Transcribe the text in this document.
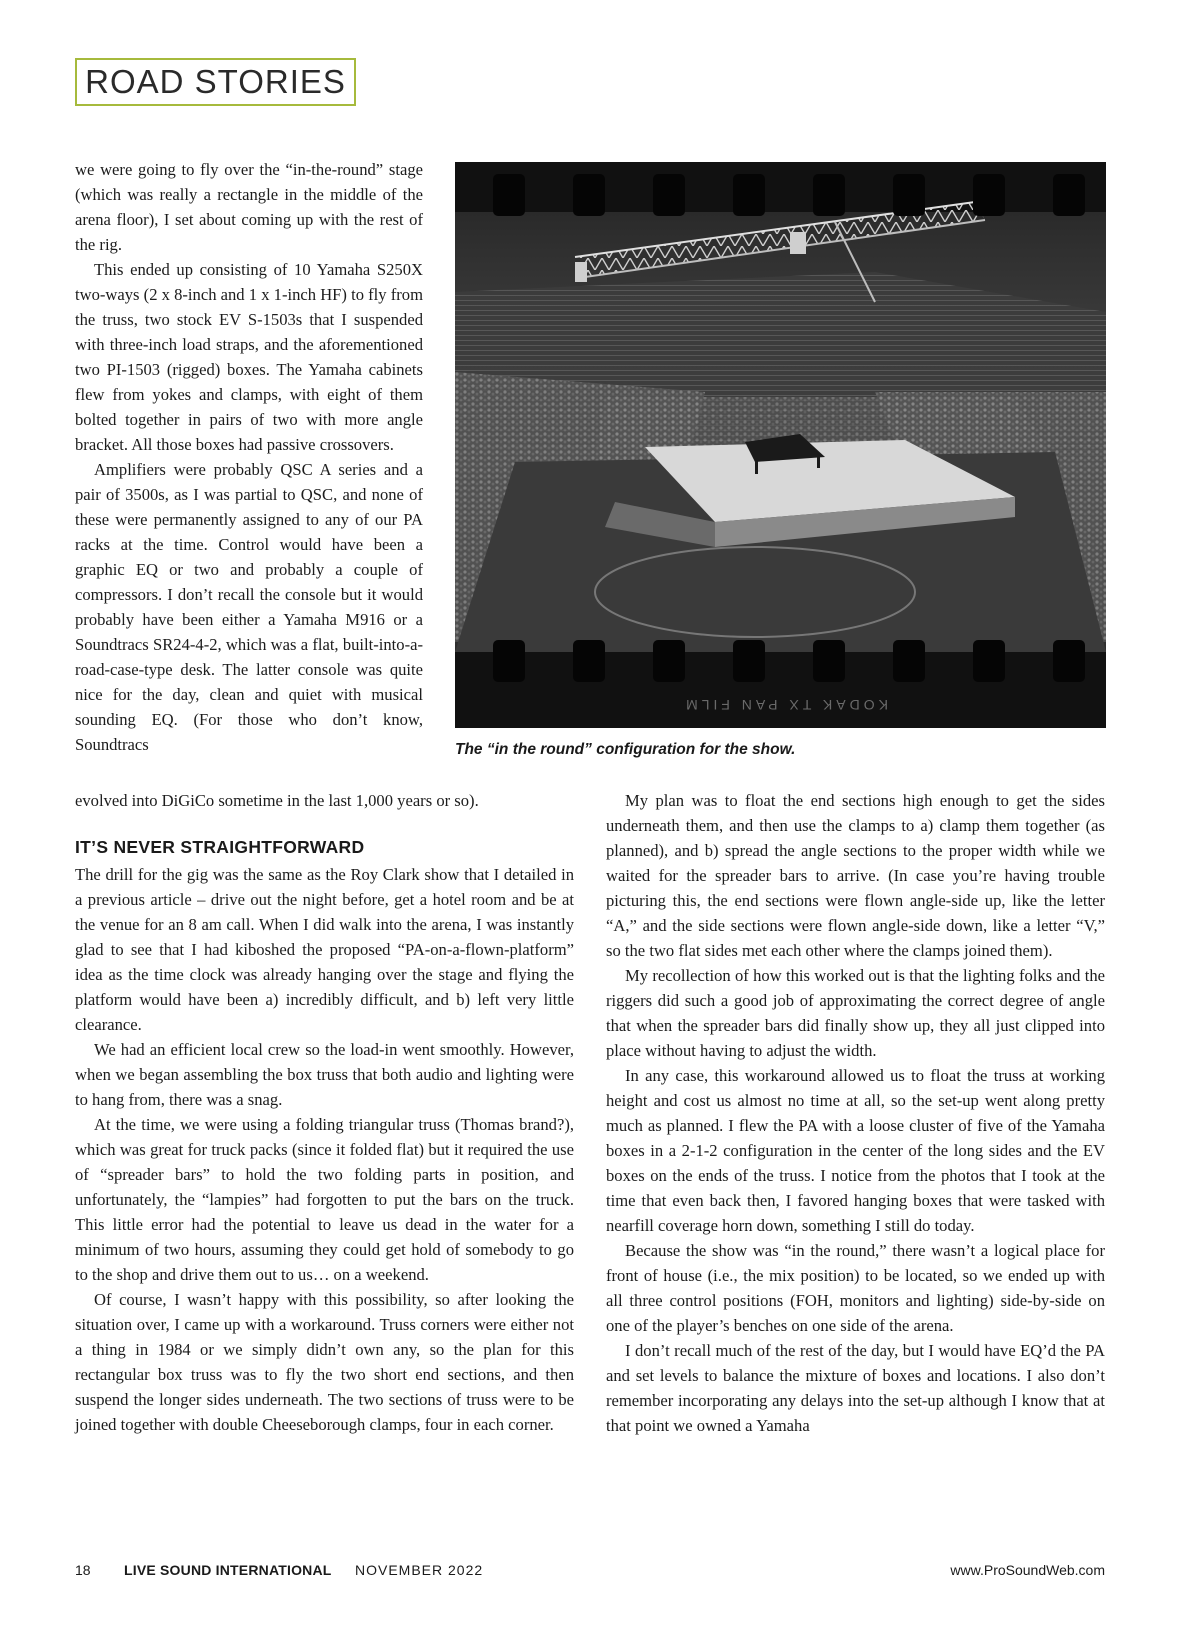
ROAD STORIES

we were going to fly over the “in-the-round” stage (which was really a rectangle in the middle of the arena floor), I set about coming up with the rest of the rig.

This ended up consisting of 10 Yamaha S250X two-ways (2 x 8-inch and 1 x 1-inch HF) to fly from the truss, two stock EV S-1503s that I suspended with three-inch load straps, and the aforementioned two PI-1503 (rigged) boxes. The Yamaha cabinets flew from yokes and clamps, with eight of them bolted together in pairs of two with more angle bracket. All those boxes had passive crossovers.

Amplifiers were probably QSC A series and a pair of 3500s, as I was partial to QSC, and none of these were permanently assigned to any of our PA racks at the time. Control would have been a graphic EQ or two and probably a couple of compressors. I don’t recall the console but it would probably have been either a Yamaha M916 or a Soundtracs SR24-4-2, which was a flat, built-into-a-road-case-type desk. The latter console was quite nice for the day, clean and quiet with musical sounding EQ. (For those who don’t know, Soundtracs

evolved into DiGiCo sometime in the last 1,000 years or so).
KODAK TX PAN FILM
The “in the round” configuration for the show.
IT’S NEVER STRAIGHTFORWARD

The drill for the gig was the same as the Roy Clark show that I detailed in a previous article – drive out the night before, get a hotel room and be at the venue for an 8 am call. When I did walk into the arena, I was instantly glad to see that I had kiboshed the proposed “PA-on-a-flown-platform” idea as the time clock was already hanging over the stage and flying the platform would have been a) incredibly difficult, and b) left very little clearance.

We had an efficient local crew so the load-in went smoothly. However, when we began assembling the box truss that both audio and lighting were to hang from, there was a snag.

At the time, we were using a folding triangular truss (Thomas brand?), which was great for truck packs (since it folded flat) but it required the use of “spreader bars” to hold the two folding parts in position, and unfortunately, the “lampies” had forgotten to put the bars on the truck. This little error had the potential to leave us dead in the water for a minimum of two hours, assuming they could get hold of somebody to go to the shop and drive them out to us… on a weekend.

Of course, I wasn’t happy with this possibility, so after looking the situation over, I came up with a workaround. Truss corners were either not a thing in 1984 or we simply didn’t own any, so the plan for this rectangular box truss was to fly the two short end sections, and then suspend the longer sides underneath. The two sections of truss were to be joined together with double Cheeseborough clamps, four in each corner.

My plan was to float the end sections high enough to get the sides underneath them, and then use the clamps to a) clamp them together (as planned), and b) spread the angle sections to the proper width while we waited for the spreader bars to arrive. (In case you’re having trouble picturing this, the end sections were flown angle-side up, like the letter “A,” and the side sections were flown angle-side down, like a letter “V,” so the two flat sides met each other where the clamps joined them).

My recollection of how this worked out is that the lighting folks and the riggers did such a good job of approximating the correct degree of angle that when the spreader bars did finally show up, they all just clipped into place without having to adjust the width.

In any case, this workaround allowed us to float the truss at working height and cost us almost no time at all, so the set-up went along pretty much as planned. I flew the PA with a loose cluster of five of the Yamaha boxes in a 2-1-2 configuration in the center of the long sides and the EV boxes on the ends of the truss. I notice from the photos that I took at the time that even back then, I favored hanging boxes that were tasked with nearfill coverage horn down, something I still do today.

Because the show was “in the round,” there wasn’t a logical place for front of house (i.e., the mix position) to be located, so we ended up with all three control positions (FOH, monitors and lighting) side-by-side on one of the player’s benches on one side of the arena.

I don’t recall much of the rest of the day, but I would have EQ’d the PA and set levels to balance the mixture of boxes and locations. I also don’t remember incorporating any delays into the set-up although I know that at that point we owned a Yamaha

18 LIVE SOUND INTERNATIONAL NOVEMBER 2022	www.ProSoundWeb.com
